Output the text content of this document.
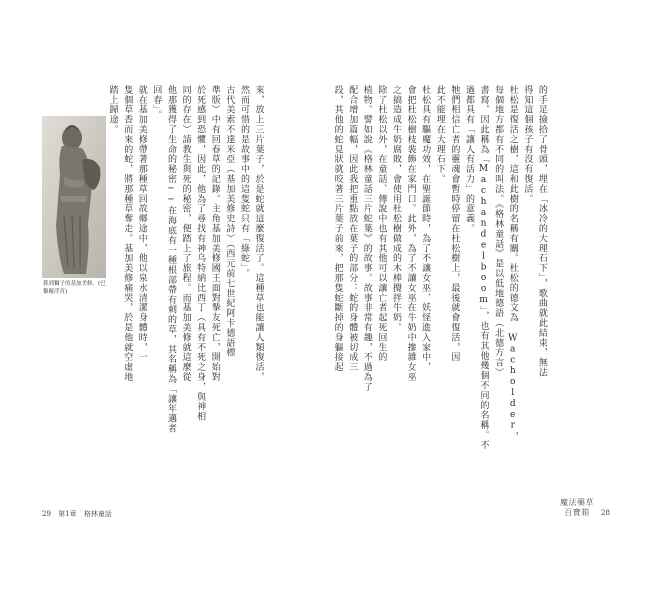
來，放上三片葉子，於是蛇就這麼復活了。這種草也能讓人類復活，
然而可惜的是故事中的這隻蛇只有「綠蛇」。
古代美索不達米亞（基加美修史詩）（西元前七世紀阿卡德語標
準版）中有回春草的記錄。主角基加美修國王面對摯友死亡，開始對
於死感到恐懼，因此，他為了尋找有神乌特納比西丁（具有不死之身，與神相
同的存在）請教生與死的秘密，便踏上了旅程。而基加美修就這麼從
他那獲得了生命的秘密──在海底有一種根部帶有刺的草，其名稱為「讓年邁者
回春」。
就在基加美修帶著那種草回故鄉途中，他以泉水清潔身體時，一
隻個草香而來的蛇，將那種草奪走。基加美修痛哭，於是他就空虛地
踏上歸途。
抓到獅子的基加美修。(巴黎羅浮宮)
29 第1章 格林童話
的手足撿拾了骨頭，埋在「冰冷的大理石下」，歌曲就此結束，無法
得知這個孩子有沒有復活。
杜松是復活之樹，這和此樹的名稱有關。杜松的德文為 Wacholder，
每個地方都有不同的叫法。《格林童話》是以低地德語（北德方言）
書寫，因此稱為「Machandelboom」，也有其他幾個不同的名稱。不
過都具有「讓人有活力」的意義。
牠們相信亡者的靈魂會暫時停留在杜松樹上，最後就會復活，因
此不能埋在大理石下。
杜松具有驅魔功效，在聖誕節時，為了不讓女巫、妖怪進入家中，
會把杜松樹枝裝飾在家門口。此外，為了不讓女巫在牛奶中摻雜女巫
之搞造成牛奶腐敗，會使用杜松樹做成的木棒攪拌牛奶。
除了杜松以外，在童話、傳說中也有其他可以讓亡者起死回生的
植物。譬如說《格林童話三片蛇葉》的故事。故事非常有趣，不過為了
配合增加篇幅，因此我把重點放在葉子的部分：蛇的身體被切成三
段，其他的蛇見狀就咬著三片葉子前來，把那隻蛇斷掉的身軀接起
魔法藥草
百寶箱	28
